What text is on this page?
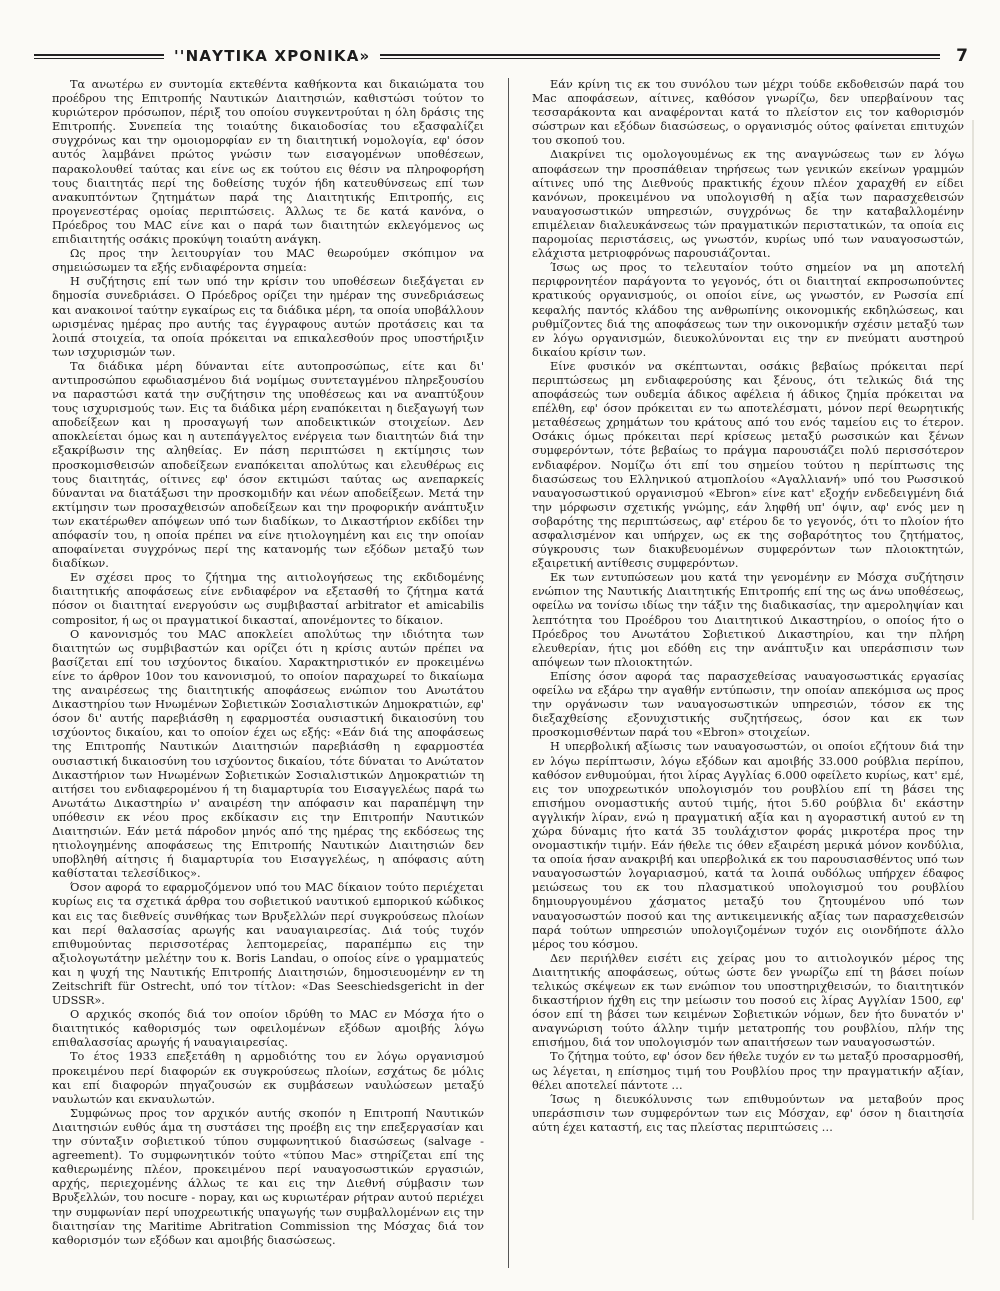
''ΝΑΥΤΙΚΑ ΧΡΟΝΙΚΑ»	7

Τα ανωτέρω εν συντομία εκτεθέντα καθήκοντα και δικαιώματα του προέδρου της Επιτροπής Ναυτικών Διαιτησιών, καθιστώσι τούτον το κυριώτερον πρόσωπον, πέριξ του οποίου συγκεντρούται η όλη δράσις της Επιτροπής. Συνεπεία της τοιαύτης δικαιοδοσίας του εξασφαλίζει συγχρόνως και την ομοιομορφίαν εν τη διαιτητική νομολογία, εφ' όσον αυτός λαμβάνει πρώτος γνώσιν των εισαγομένων υποθέσεων, παρακολουθεί ταύτας και είνε ως εκ τούτου εις θέσιν να πληροφορήση τους διαιτητάς περί της δοθείσης τυχόν ήδη κατευθύνσεως επί των ανακυπτόντων ζητημάτων παρά της Διαιτητικής Επιτροπής, εις προγενεστέρας ομοίας περιπτώσεις. Άλλως τε δε κατά κανόνα, ο Πρόεδρος του MAC είνε και ο παρά των διαιτητών εκλεγόμενος ως επιδιαιτητής οσάκις προκύψη τοιαύτη ανάγκη.

Ως προς την λειτουργίαν του MAC θεωρούμεν σκόπιμον να σημειώσωμεν τα εξής ενδιαφέροντα σημεία:

Η συζήτησις επί των υπό την κρίσιν του υποθέσεων διεξάγεται εν δημοσία συνεδριάσει. Ο Πρόεδρος ορίζει την ημέραν της συνεδριάσεως και ανακοινοί ταύτην εγκαίρως εις τα διάδικα μέρη, τα οποία υποβάλλουν ωρισμένας ημέρας προ αυτής τας έγγραφους αυτών προτάσεις και τα λοιπά στοιχεία, τα οποία πρόκειται να επικαλεσθούν προς υποστήριξιν των ισχυρισμών των.

Τα διάδικα μέρη δύνανται είτε αυτοπροσώπως, είτε και δι' αντιπροσώπου εφωδιασμένου διά νομίμως συντεταγμένου πληρεξουσίου να παραστώσι κατά την συζήτησιν της υποθέσεως και να αναπτύξουν τους ισχυρισμούς των. Εις τα διάδικα μέρη εναπόκειται η διεξαγωγή των αποδείξεων και η προσαγωγή των αποδεικτικών στοιχείων. Δεν αποκλείεται όμως και η αυτεπάγγελτος ενέργεια των διαιτητών διά την εξακρίβωσιν της αληθείας. Εν πάση περιπτώσει η εκτίμησις των προσκομισθεισών αποδείξεων εναπόκειται απολύτως και ελευθέρως εις τους διαιτητάς, οίτινες εφ' όσον εκτιμώσι ταύτας ως ανεπαρκείς δύνανται να διατάξωσι την προσκομιδήν και νέων αποδείξεων. Μετά την εκτίμησιν των προσαχθεισών αποδείξεων και την προφορικήν ανάπτυξιν των εκατέρωθεν απόψεων υπό των διαδίκων, το Δικαστήριον εκδίδει την απόφασίν του, η οποία πρέπει να είνε ητιολογημένη και εις την οποίαν αποφαίνεται συγχρόνως περί της κατανομής των εξόδων μεταξύ των διαδίκων.

Εν σχέσει προς το ζήτημα της αιτιολογήσεως της εκδιδομένης διαιτητικής αποφάσεως είνε ενδιαφέρον να εξετασθή το ζήτημα κατά πόσον οι διαιτηταί ενεργούσιν ως συμβιβασταί arbitrator et amicabilis compositor, ή ως οι πραγματικοί δικασταί, απονέμοντες το δίκαιον.

Ο κανονισμός του MAC αποκλείει απολύτως την ιδιότητα των διαιτητών ως συμβιβαστών και ορίζει ότι η κρίσις αυτών πρέπει να βασίζεται επί του ισχύοντος δικαίου. Χαρακτηριστικόν εν προκειμένω είνε το άρθρον 10ον του κανονισμού, το οποίον παραχωρεί το δικαίωμα της αναιρέσεως της διαιτητικής αποφάσεως ενώπιον του Ανωτάτου Δικαστηρίου των Ηνωμένων Σοβιετικών Σοσιαλιστικών Δημοκρατιών, εφ' όσον δι' αυτής παρεβιάσθη η εφαρμοστέα ουσιαστική δικαιοσύνη του ισχύοντος δικαίου, και το οποίον έχει ως εξής: «Εάν διά της αποφάσεως της Επιτροπής Ναυτικών Διαιτησιών παρεβιάσθη η εφαρμοστέα ουσιαστική δικαιοσύνη του ισχύοντος δικαίου, τότε δύναται το Ανώτατον Δικαστήριον των Ηνωμένων Σοβιετικών Σοσιαλιστικών Δημοκρατιών τη αιτήσει του ενδιαφερομένου ή τη διαμαρτυρία του Εισαγγελέως παρά τω Ανωτάτω Δικαστηρίω ν' αναιρέση την απόφασιν και παραπέμψη την υπόθεσιν εκ νέου προς εκδίκασιν εις την Επιτροπήν Ναυτικών Διαιτησιών. Εάν μετά πάροδον μηνός από της ημέρας της εκδόσεως της ητιολογημένης αποφάσεως της Επιτροπής Ναυτικών Διαιτησιών δεν υποβληθή αίτησις ή διαμαρτυρία του Εισαγγελέως, η απόφασις αύτη καθίσταται τελεσίδικος».

Όσον αφορά το εφαρμοζόμενον υπό του MAC δίκαιον τούτο περιέχεται κυρίως εις τα σχετικά άρθρα του σοβιετικού ναυτικού εμπορικού κώδικος και εις τας διεθνείς συνθήκας των Βρυξελλών περί συγκρούσεως πλοίων και περί θαλασσίας αρωγής και ναυαγιαιρεσίας. Διά τούς τυχόν επιθυμούντας περισσοτέρας λεπτομερείας, παραπέμπω εις την αξιολογωτάτην μελέτην του κ. Boris Landau, ο οποίος είνε ο γραμματεύς και η ψυχή της Ναυτικής Επιτροπής Διαιτησιών, δημοσιευομένην εν τη Zeitschrift für Ostrecht, υπό τον τίτλον: «Das Seeschiedsgericht in der UDSSR».

Ο αρχικός σκοπός διά τον οποίον ιδρύθη το MAC εν Μόσχα ήτο ο διαιτητικός καθορισμός των οφειλομένων εξόδων αμοιβής λόγω επιθαλασσίας αρωγής ή ναυαγιαιρεσίας.

Το έτος 1933 επεξετάθη η αρμοδιότης του εν λόγω οργανισμού προκειμένου περί διαφορών εκ συγκρούσεως πλοίων, εσχάτως δε μόλις και επί διαφορών πηγαζουσών εκ συμβάσεων ναυλώσεων μεταξύ ναυλωτών και εκναυλωτών.

Συμφώνως προς τον αρχικόν αυτής σκοπόν η Επιτροπή Ναυτικών Διαιτησιών ευθύς άμα τη συστάσει της προέβη εις την επεξεργασίαν και την σύνταξιν σοβιετικού τύπου συμφωνητικού διασώσεως (salvage - agreement). Το συμφωνητικόν τούτο «τύπου Mac» στηρίζεται επί της καθιερωμένης πλέον, προκειμένου περί ναυαγοσωστικών εργασιών, αρχής, περιεχομένης άλλως τε και εις την Διεθνή σύμβασιν των Βρυξελλών, του nocure - nopay, και ως κυριωτέραν ρήτραν αυτού περιέχει την συμφωνίαν περί υποχρεωτικής υπαγωγής των συμβαλλομένων εις την διαιτησίαν της Maritime Abritration Commission της Μόσχας διά τον καθορισμόν των εξόδων και αμοιβής διασώσεως.

Εάν κρίνη τις εκ του συνόλου των μέχρι τούδε εκδοθεισών παρά του Mac αποφάσεων, αίτινες, καθόσον γνωρίζω, δεν υπερβαίνουν τας τεσσαράκοντα και αναφέρονται κατά το πλείστον εις τον καθορισμόν σώστρων και εξόδων διασώσεως, ο οργανισμός ούτος φαίνεται επιτυχών του σκοπού του.

Διακρίνει τις ομολογουμένως εκ της αναγνώσεως των εν λόγω αποφάσεων την προσπάθειαν τηρήσεως των γενικών εκείνων γραμμών αίτινες υπό της Διεθνούς πρακτικής έχουν πλέον χαραχθή εν είδει κανόνων, προκειμένου να υπολογισθή η αξία των παρασχεθεισών ναυαγοσωστικών υπηρεσιών, συγχρόνως δε την καταβαλλομένην επιμέλειαν διαλευκάνσεως τών πραγματικών περιστατικών, τα οποία εις παρομοίας περιστάσεις, ως γνωστόν, κυρίως υπό των ναυαγοσωστών, ελάχιστα μετριοφρόνως παρουσιάζονται.

Ίσως ως προς το τελευταίον τούτο σημείον να μη αποτελή περιφρονητέον παράγοντα το γεγονός, ότι οι διαιτηταί εκπροσωπούντες κρατικούς οργανισμούς, οι οποίοι είνε, ως γνωστόν, εν Ρωσσία επί κεφαλής παντός κλάδου της ανθρωπίνης οικονομικής εκδηλώσεως, και ρυθμίζοντες διά της αποφάσεως των την οικονομικήν σχέσιν μεταξύ των εν λόγω οργανισμών, διευκολύνονται εις την εν πνεύματι αυστηρού δικαίου κρίσιν των.

Είνε φυσικόν να σκέπτωνται, οσάκις βεβαίως πρόκειται περί περιπτώσεως μη ενδιαφερούσης και ξένους, ότι τελικώς διά της αποφάσεώς των ουδεμία άδικος αφέλεια ή άδικος ζημία πρόκειται να επέλθη, εφ' όσον πρόκειται εν τω αποτελέσματι, μόνον περί θεωρητικής μεταθέσεως χρημάτων του κράτους από του ενός ταμείου εις το έτερον. Οσάκις όμως πρόκειται περί κρίσεως μεταξύ ρωσσικών και ξένων συμφερόντων, τότε βεβαίως το πράγμα παρουσιάζει πολύ περισσότερον ενδιαφέρον. Νομίζω ότι επί του σημείου τούτου η περίπτωσις της διασώσεως του Ελληνικού ατμοπλοίου «Αγαλλιανή» υπό του Ρωσσικού ναυαγοσωστικού οργανισμού «Ebron» είνε κατ' εξοχήν ενδεδειγμένη διά την μόρφωσιν σχετικής γνώμης, εάν ληφθή υπ' όψιν, αφ' ενός μεν η σοβαρότης της περιπτώσεως, αφ' ετέρου δε το γεγονός, ότι το πλοίον ήτο ασφαλισμένον και υπήρχεν, ως εκ της σοβαρότητος του ζητήματος, σύγκρουσις των διακυβευομένων συμφερόντων των πλοιοκτητών, εξαιρετική αντίθεσις συμφερόντων.

Εκ των εντυπώσεων μου κατά την γενομένην εν Μόσχα συζήτησιν ενώπιον της Ναυτικής Διαιτητικής Επιτροπής επί της ως άνω υποθέσεως, οφείλω να τονίσω ιδίως την τάξιν της διαδικασίας, την αμεροληψίαν και λεπτότητα του Προέδρου του Διαιτητικού Δικαστηρίου, ο οποίος ήτο ο Πρόεδρος του Ανωτάτου Σοβιετικού Δικαστηρίου, και την πλήρη ελευθερίαν, ήτις μοι εδόθη εις την ανάπτυξιν και υπεράσπισιν των απόψεων των πλοιοκτητών.

Επίσης όσον αφορά τας παρασχεθείσας ναυαγοσωστικάς εργασίας οφείλω να εξάρω την αγαθήν εντύπωσιν, την οποίαν απεκόμισα ως προς την οργάνωσιν των ναυαγοσωστικών υπηρεσιών, τόσον εκ της διεξαχθείσης εξονυχιστικής συζητήσεως, όσον και εκ των προσκομισθέντων παρά του «Ebron» στοιχείων.

Η υπερβολική αξίωσις των ναυαγοσωστών, οι οποίοι εζήτουν διά την εν λόγω περίπτωσιν, λόγω εξόδων και αμοιβής 33.000 ρούβλια περίπου, καθόσον ενθυμούμαι, ήτοι λίρας Αγγλίας 6.000 οφείλετο κυρίως, κατ' εμέ, εις τον υποχρεωτικόν υπολογισμόν του ρουβλίου επί τη βάσει της επισήμου ονομαστικής αυτού τιμής, ήτοι 5.60 ρούβλια δι' εκάστην αγγλικήν λίραν, ενώ η πραγματική αξία και η αγοραστική αυτού εν τη χώρα δύναμις ήτο κατά 35 τουλάχιστον φοράς μικροτέρα προς την ονομαστικήν τιμήν. Εάν ήθελε τις όθεν εξαιρέση μερικά μόνον κονδύλια, τα οποία ήσαν ανακριβή και υπερβολικά εκ του παρουσιασθέντος υπό των ναυαγοσωστών λογαριασμού, κατά τα λοιπά ουδόλως υπήρχεν έδαφος μειώσεως του εκ του πλασματικού υπολογισμού του ρουβλίου δημιουργουμένου χάσματος μεταξύ του ζητουμένου υπό των ναυαγοσωστών ποσού και της αντικειμενικής αξίας των παρασχεθεισών παρά τούτων υπηρεσιών υπολογιζομένων τυχόν εις οιονδήποτε άλλο μέρος του κόσμου.

Δεν περιήλθεν εισέτι εις χείρας μου το αιτιολογικόν μέρος της Διαιτητικής αποφάσεως, ούτως ώστε δεν γνωρίζω επί τη βάσει ποίων τελικώς σκέψεων εκ των ενώπιον του υποστηριχθεισών, το διαιτητικόν δικαστήριον ήχθη εις την μείωσιν του ποσού εις λίρας Αγγλίαν 1500, εφ' όσον επί τη βάσει των κειμένων Σοβιετικών νόμων, δεν ήτο δυνατόν ν' αναγνώριση τούτο άλλην τιμήν μετατροπής του ρουβλίου, πλήν της επισήμου, διά τον υπολογισμόν των απαιτήσεων των ναυαγοσωστών.

Το ζήτημα τούτο, εφ' όσον δεν ήθελε τυχόν εν τω μεταξύ προσαρμοσθή, ως λέγεται, η επίσημος τιμή του Ρουβλίου προς την πραγματικήν αξίαν, θέλει αποτελεί πάντοτε …

Ίσως η διευκόλυνσις των επιθυμούντων να μεταβούν προς υπεράσπισιν των συμφερόντων των εις Μόσχαν, εφ' όσον η διαιτησία αύτη έχει καταστή, εις τας πλείστας περιπτώσεις …
